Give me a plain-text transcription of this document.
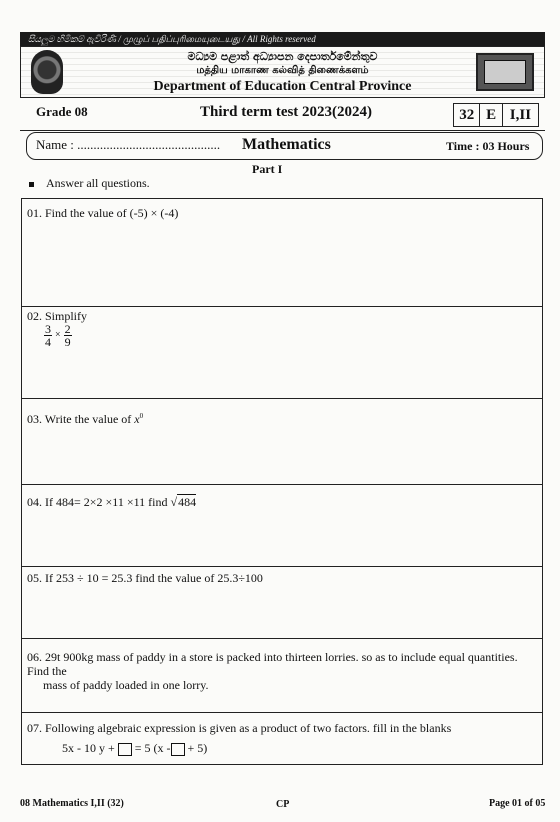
සියලුම හිමිකම් ඇවිරිණි / முழுப் பதிப்புரிமையுடையது / All Rights reserved
මධ්‍යම පළාත් අධ්‍යාපන දෙපාර්තමේන්තුව
மத்திய மாகாண கல்வித் திணைக்களம்
Department of Education Central Province
Grade 08	Third term test 2023(2024)	32 E I,II
Name : ............................................ Mathematics	Time : 03 Hours
Part I
Answer all questions.
01. Find the value of (-5) × (-4)
02. Simplify
$\frac{3}{4} \times \frac{2}{9}$
03. Write the value of $x^0$
04. If 484= 2×2 ×11 ×11 find √484
05. If 253 ÷ 10 = 25.3 find the value of 25.3÷100
06. 29t 900kg mass of paddy in a store is packed into thirteen lorries. so as to include equal quantities. Find the
mass of paddy loaded in one lorry.
07. Following algebraic expression is given as a product of two factors. fill in the blanks
5x - 10 y + = 5 (x - + 5)
08 Mathematics I,II (32)	CP	Page 01 of 05
